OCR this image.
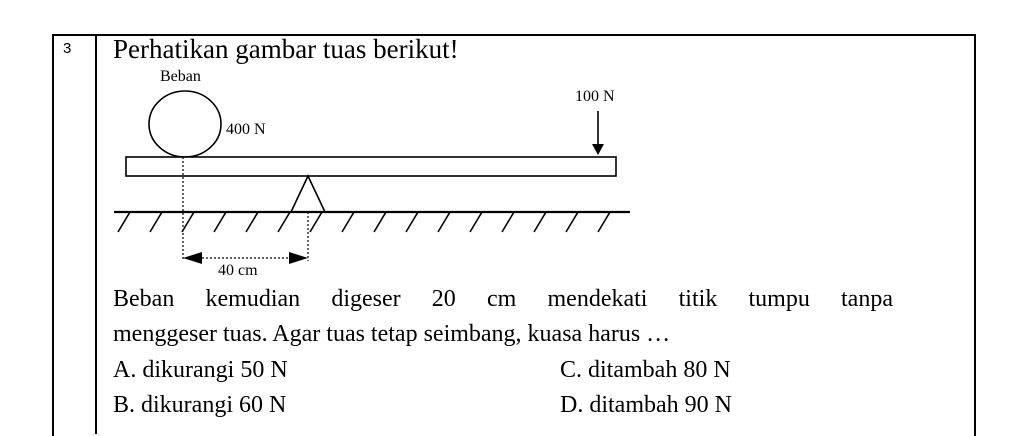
3 Perhatikan gambar tuas berikut!
Beban
400 N
100 N
40 cm
Beban kemudian digeser 20 cm mendekati titik tumpu tanpa
menggeser tuas. Agar tuas tetap seimbang, kuasa harus …
A. dikurangi 50 N
B. dikurangi 60 N
C. ditambah 80 N
D. ditambah 90 N
